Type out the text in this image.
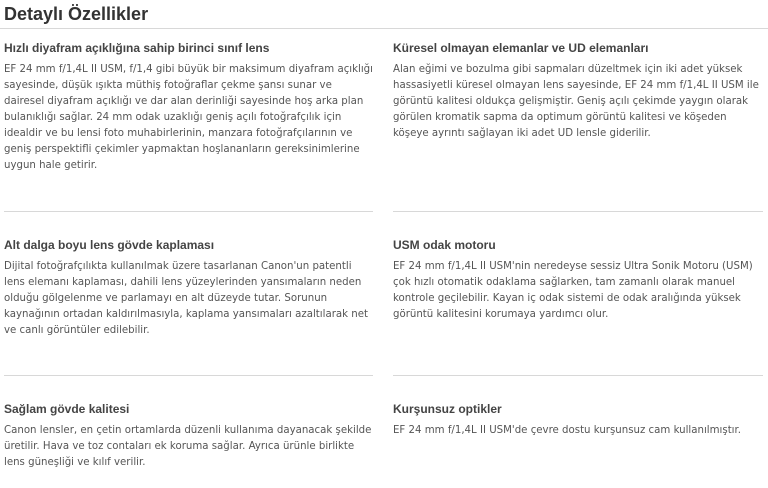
Detaylı Özellikler

Hızlı diyafram açıklığına sahip birinci sınıf lens

EF 24 mm f/1,4L II USM, f/1,4 gibi büyük bir maksimum diyafram açıklığı sayesinde, düşük ışıkta müthiş fotoğraflar çekme şansı sunar ve dairesel diyafram açıklığı ve dar alan derinliği sayesinde hoş arka plan bulanıklığı sağlar. 24 mm odak uzaklığı geniş açılı fotoğrafçılık için idealdir ve bu lensi foto muhabirlerinin, manzara fotoğrafçılarının ve geniş perspektifli çekimler yapmaktan hoşlananların gereksinimlerine uygun hale getirir.

Küresel olmayan elemanlar ve UD elemanları

Alan eğimi ve bozulma gibi sapmaları düzeltmek için iki adet yüksek hassasiyetli küresel olmayan lens sayesinde, EF 24 mm f/1,4L II USM ile görüntü kalitesi oldukça gelişmiştir. Geniş açılı çekimde yaygın olarak görülen kromatik sapma da optimum görüntü kalitesi ve köşeden köşeye ayrıntı sağlayan iki adet UD lensle giderilir.

Alt dalga boyu lens gövde kaplaması

Dijital fotoğrafçılıkta kullanılmak üzere tasarlanan Canon'un patentli lens elemanı kaplaması, dahili lens yüzeylerinden yansımaların neden olduğu gölgelenme ve parlamayı en alt düzeyde tutar. Sorunun kaynağının ortadan kaldırılmasıyla, kaplama yansımaları azaltılarak net ve canlı görüntüler edilebilir.

USM odak motoru

EF 24 mm f/1,4L II USM'nin neredeyse sessiz Ultra Sonik Motoru (USM) çok hızlı otomatik odaklama sağlarken, tam zamanlı olarak manuel kontrole geçilebilir. Kayan iç odak sistemi de odak aralığında yüksek görüntü kalitesini korumaya yardımcı olur.

Sağlam gövde kalitesi

Canon lensler, en çetin ortamlarda düzenli kullanıma dayanacak şekilde üretilir. Hava ve toz contaları ek koruma sağlar. Ayrıca ürünle birlikte lens güneşliği ve kılıf verilir.

Kurşunsuz optikler

EF 24 mm f/1,4L II USM'de çevre dostu kurşunsuz cam kullanılmıştır.
